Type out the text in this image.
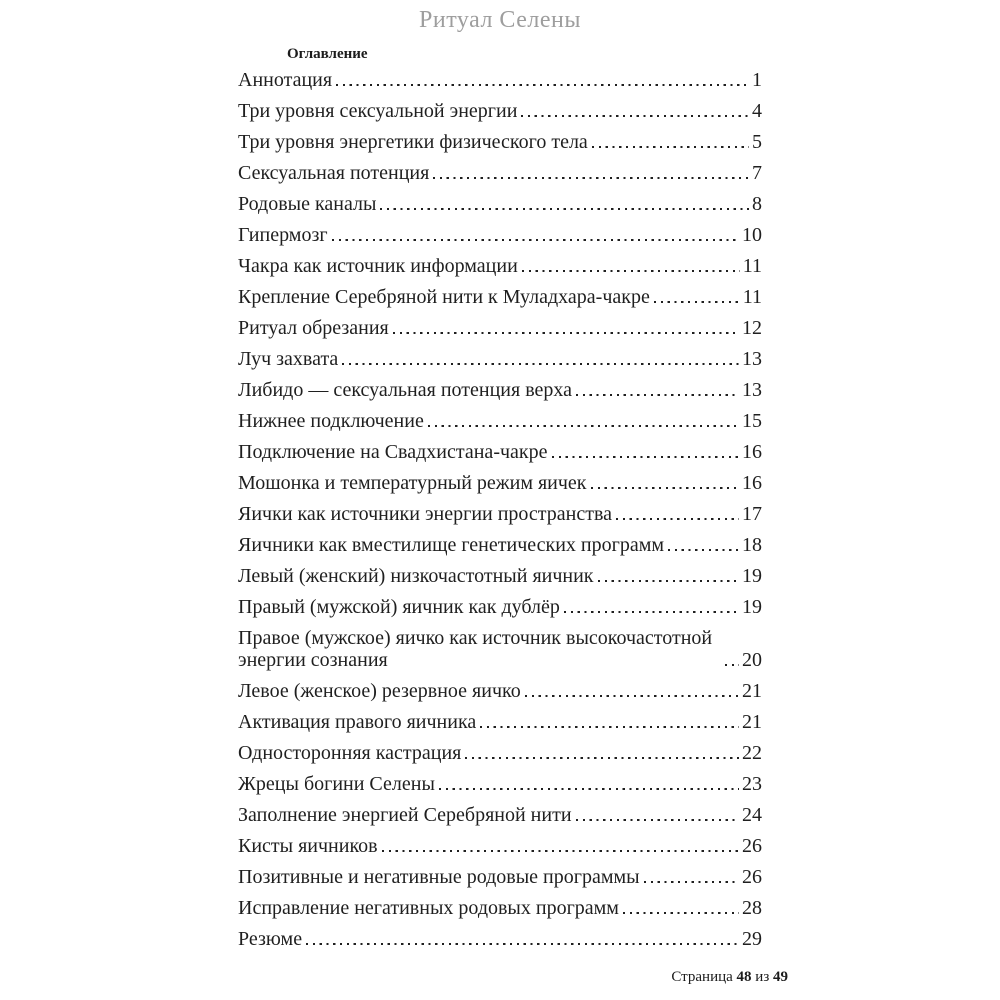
Ритуал Селены
Оглавление
Аннотация	1
Три уровня сексуальной энергии	4
Три уровня энергетики физического тела	5
Сексуальная потенция	7
Родовые каналы	8
Гипермозг	10
Чакра как источник информации	11
Крепление Серебряной нити к Муладхара-чакре	11
Ритуал обрезания	12
Луч захвата	13
Либидо — сексуальная потенция верха	13
Нижнее подключение	15
Подключение на Свадхистана-чакре	16
Мошонка и температурный режим яичек	16
Яички как источники энергии пространства	17
Яичники как вместилище генетических программ	18
Левый (женский) низкочастотный яичник	19
Правый (мужской) яичник как дублёр	19
Правое (мужское) яичко как источник высокочастотной энергии сознания	20
Левое (женское) резервное яичко	21
Активация правого яичника	21
Односторонняя кастрация	22
Жрецы богини Селены	23
Заполнение энергией Серебряной нити	24
Кисты яичников	26
Позитивные и негативные родовые программы	26
Исправление негативных родовых программ	28
Резюме	29
Страница 48 из 49
